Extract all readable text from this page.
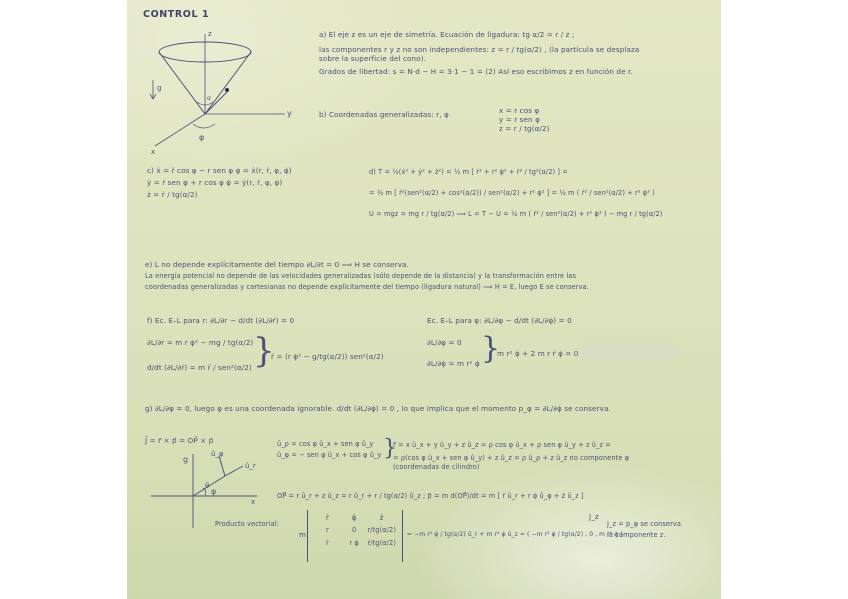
CONTROL 1
z
y
x
φ
g
α
a) El eje z es un eje de simetría. Ecuación de ligadura: tg α/2 = r / z ;
las componentes r y z no son independientes: z = r / tg(α/2) , (la partícula se desplaza
sobre la superficie del cono).
Grados de libertad: s = N·d − H = 3·1 − 1 = (2) Así eso escribimos z en función de r.
b) Coordenadas generalizadas: r, φ	x = r cos φ
y = r sen φ
z = r / tg(α/2)
c) ẋ = ṙ cos φ − r sen φ φ̇ = ẋ(r, ṙ, φ, φ̇)
ẏ = ṙ sen φ + r cos φ φ̇ = ẏ(r, ṙ, φ, φ̇)
ż = ṙ / tg(α/2)
d) T = ½(ẋ² + ẏ² + ż²) = ½ m [ ṙ² + r² φ̇² + ṙ² / tg²(α/2) ] =
= ½ m [ ṙ²(sen²(α/2) + cos²(α/2)) / sen²(α/2) + r² φ̇² ] = ½ m ( ṙ² / sen²(α/2) + r² φ̇² )
U = mgz = mg r / tg(α/2) ⟹ L = T − U = ½ m ( ṙ² / sen²(α/2) + r² φ̇² ) − mg r / tg(α/2)
e) L no depende explícitamente del tiempo ∂L/∂t = 0 ⟹ H se conserva.
La energía potencial no depende de las velocidades generalizadas (sólo depende de la distancia) y la transformación entre las
coordenadas generalizadas y cartesianas no depende explícitamente del tiempo (ligadura natural) ⟹ H = E, luego E se conserva.
f) Ec. E–L para r: ∂L/∂r − d/dt (∂L/∂ṙ) = 0
∂L/∂r = m r φ̇² − mg / tg(α/2)
d/dt (∂L/∂ṙ) = m r̈ / sen²(α/2) }
r̈ = (r φ̇² − g/tg(α/2)) sen²(α/2)
Ec. E–L para φ: ∂L/∂φ − d/dt (∂L/∂φ̇) = 0
∂L/∂φ = 0
∂L/∂φ̇ = m r² φ̇ }
m r² φ̈ + 2 m r ṙ φ̇ = 0
g) ∂L/∂φ = 0, luego φ es una coordenada ignorable. d/dt (∂L/∂φ̇) = 0 , lo que implica que el momento p_φ = ∂L/∂φ̇ se conserva.
J⃗ = r⃗ × p⃗ = OP⃗ × p⃗
g
û_φ
û_r
x
θ
φ
û_ρ = cos φ û_x + sen φ û_y
û_φ = − sen φ û_x + cos φ û_y }
r⃗ = x û_x + y û_y + z û_z = ρ cos φ û_x + ρ sen φ û_y + z û_z =
= ρ(cos φ û_x + sen φ û_y) + z û_z = ρ û_ρ + z û_z no componente φ
(coordenadas de cilindro)
OP⃗ = r û_r + z û_z = r û_r + r / tg(α/2) û_z ; p⃗ = m d(OP⃗)/dt = m [ ṙ û_r + r φ̇ û_φ + ż û_z ]
Producto vectorial:
m
r̂	φ̂	ẑ
r	0	r/tg(α/2)
ṙ	r φ̇	ṙ/tg(α/2)
= −m r² φ̇ / tg(α/2) û_r + m r² φ̇ û_z = ( −m r² φ̇ / tg(α/2) , 0 , m r² φ̇ )
J_z
J_z = p_φ se conserva
la componente z.
